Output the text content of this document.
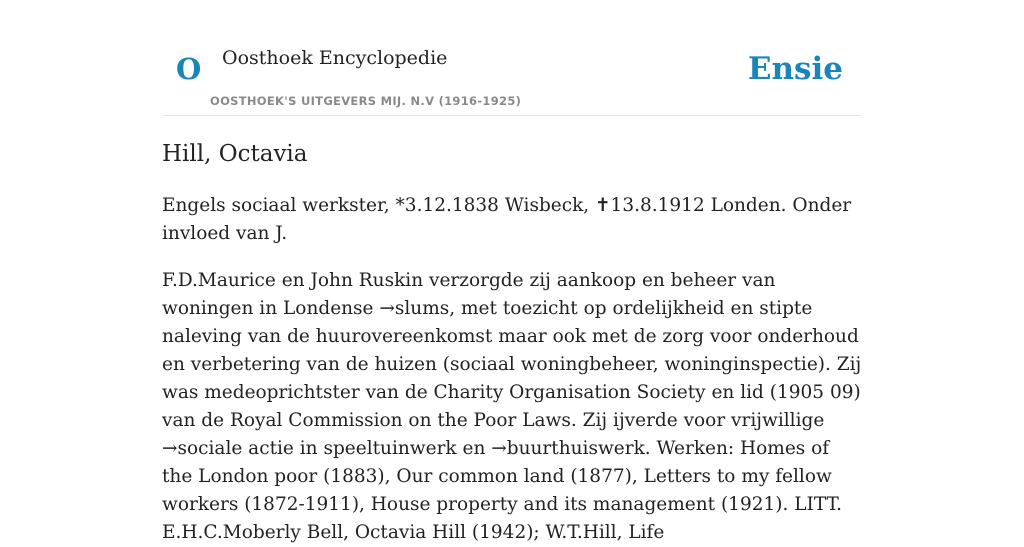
O Oosthoek Encyclopedie
OOSTHOEK'S UITGEVERS MIJ. N.V (1916-1925)
Ensie
Hill, Octavia

Engels sociaal werkster, *3.12.1838 Wisbeck, ✝13.8.1912 Londen. Onder invloed van J.

F.D.Maurice en John Ruskin verzorgde zij aankoop en beheer van woningen in Londense →slums, met toezicht op ordelijkheid en stipte naleving van de huurovereenkomst maar ook met de zorg voor onderhoud en verbetering van de huizen (sociaal woningbeheer, woninginspectie). Zij was medeoprichtster van de Charity Organisation Society en lid (1905 09) van de Royal Commission on the Poor Laws. Zij ijverde voor vrijwillige →sociale actie in speeltuinwerk en →buurthuiswerk. Werken: Homes of the London poor (1883), Our common land (1877), Letters to my fellow workers (1872-1911), House property and its management (1921). LITT. E.H.C.Moberly Bell, Octavia Hill (1942); W.T.Hill, Life
